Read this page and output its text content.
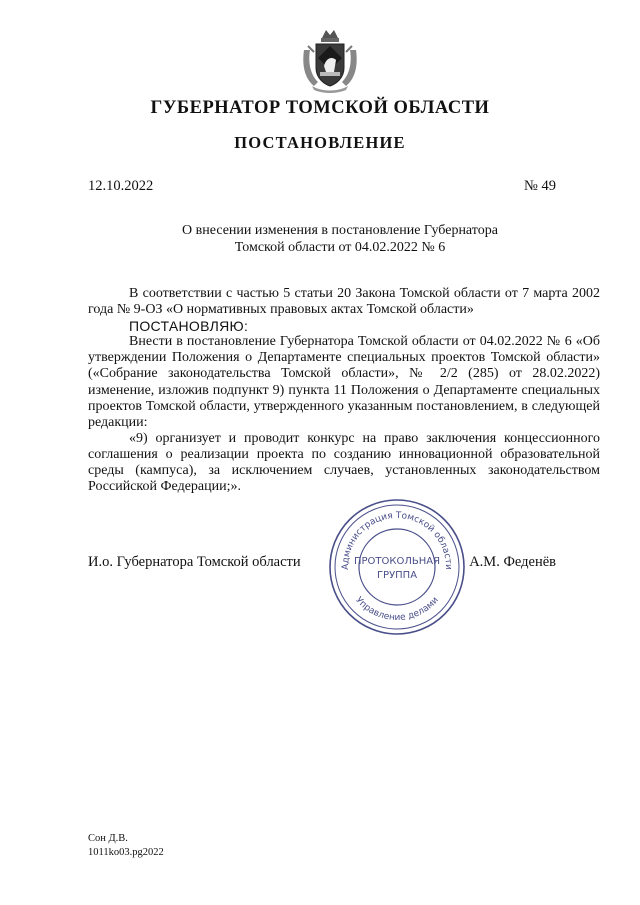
ГУБЕРНАТОР ТОМСКОЙ ОБЛАСТИ
ПОСТАНОВЛЕНИЕ
12.10.2022	№ 49
О внесении изменения в постановление Губернатора
Томской области от 04.02.2022 № 6

В соответствии с частью 5 статьи 20 Закона Томской области от 7 марта 2002 года № 9-ОЗ «О нормативных правовых актах Томской области»

ПОСТАНОВЛЯЮ:

Внести в постановление Губернатора Томской области от 04.02.2022 № 6 «Об утверждении Положения о Департаменте специальных проектов Томской области» («Собрание законодательства Томской области», № 2/2 (285) от 28.02.2022) изменение, изложив подпункт 9) пункта 11 Положения о Департаменте специальных проектов Томской области, утвержденного указанным постановлением, в следующей редакции:

«9) организует и проводит конкурс на право заключения концессионного соглашения о реализации проекта по созданию инновационной образовательной среды (кампуса), за исключением случаев, установленных законодательством Российской Федерации;».

И.о. Губернатора Томской области	А.М. Феденёв
Администрация Томской области
Управление делами
ПРОТОКОЛЬНАЯ
ГРУППА
Сон Д.В.
1011ko03.pg2022
